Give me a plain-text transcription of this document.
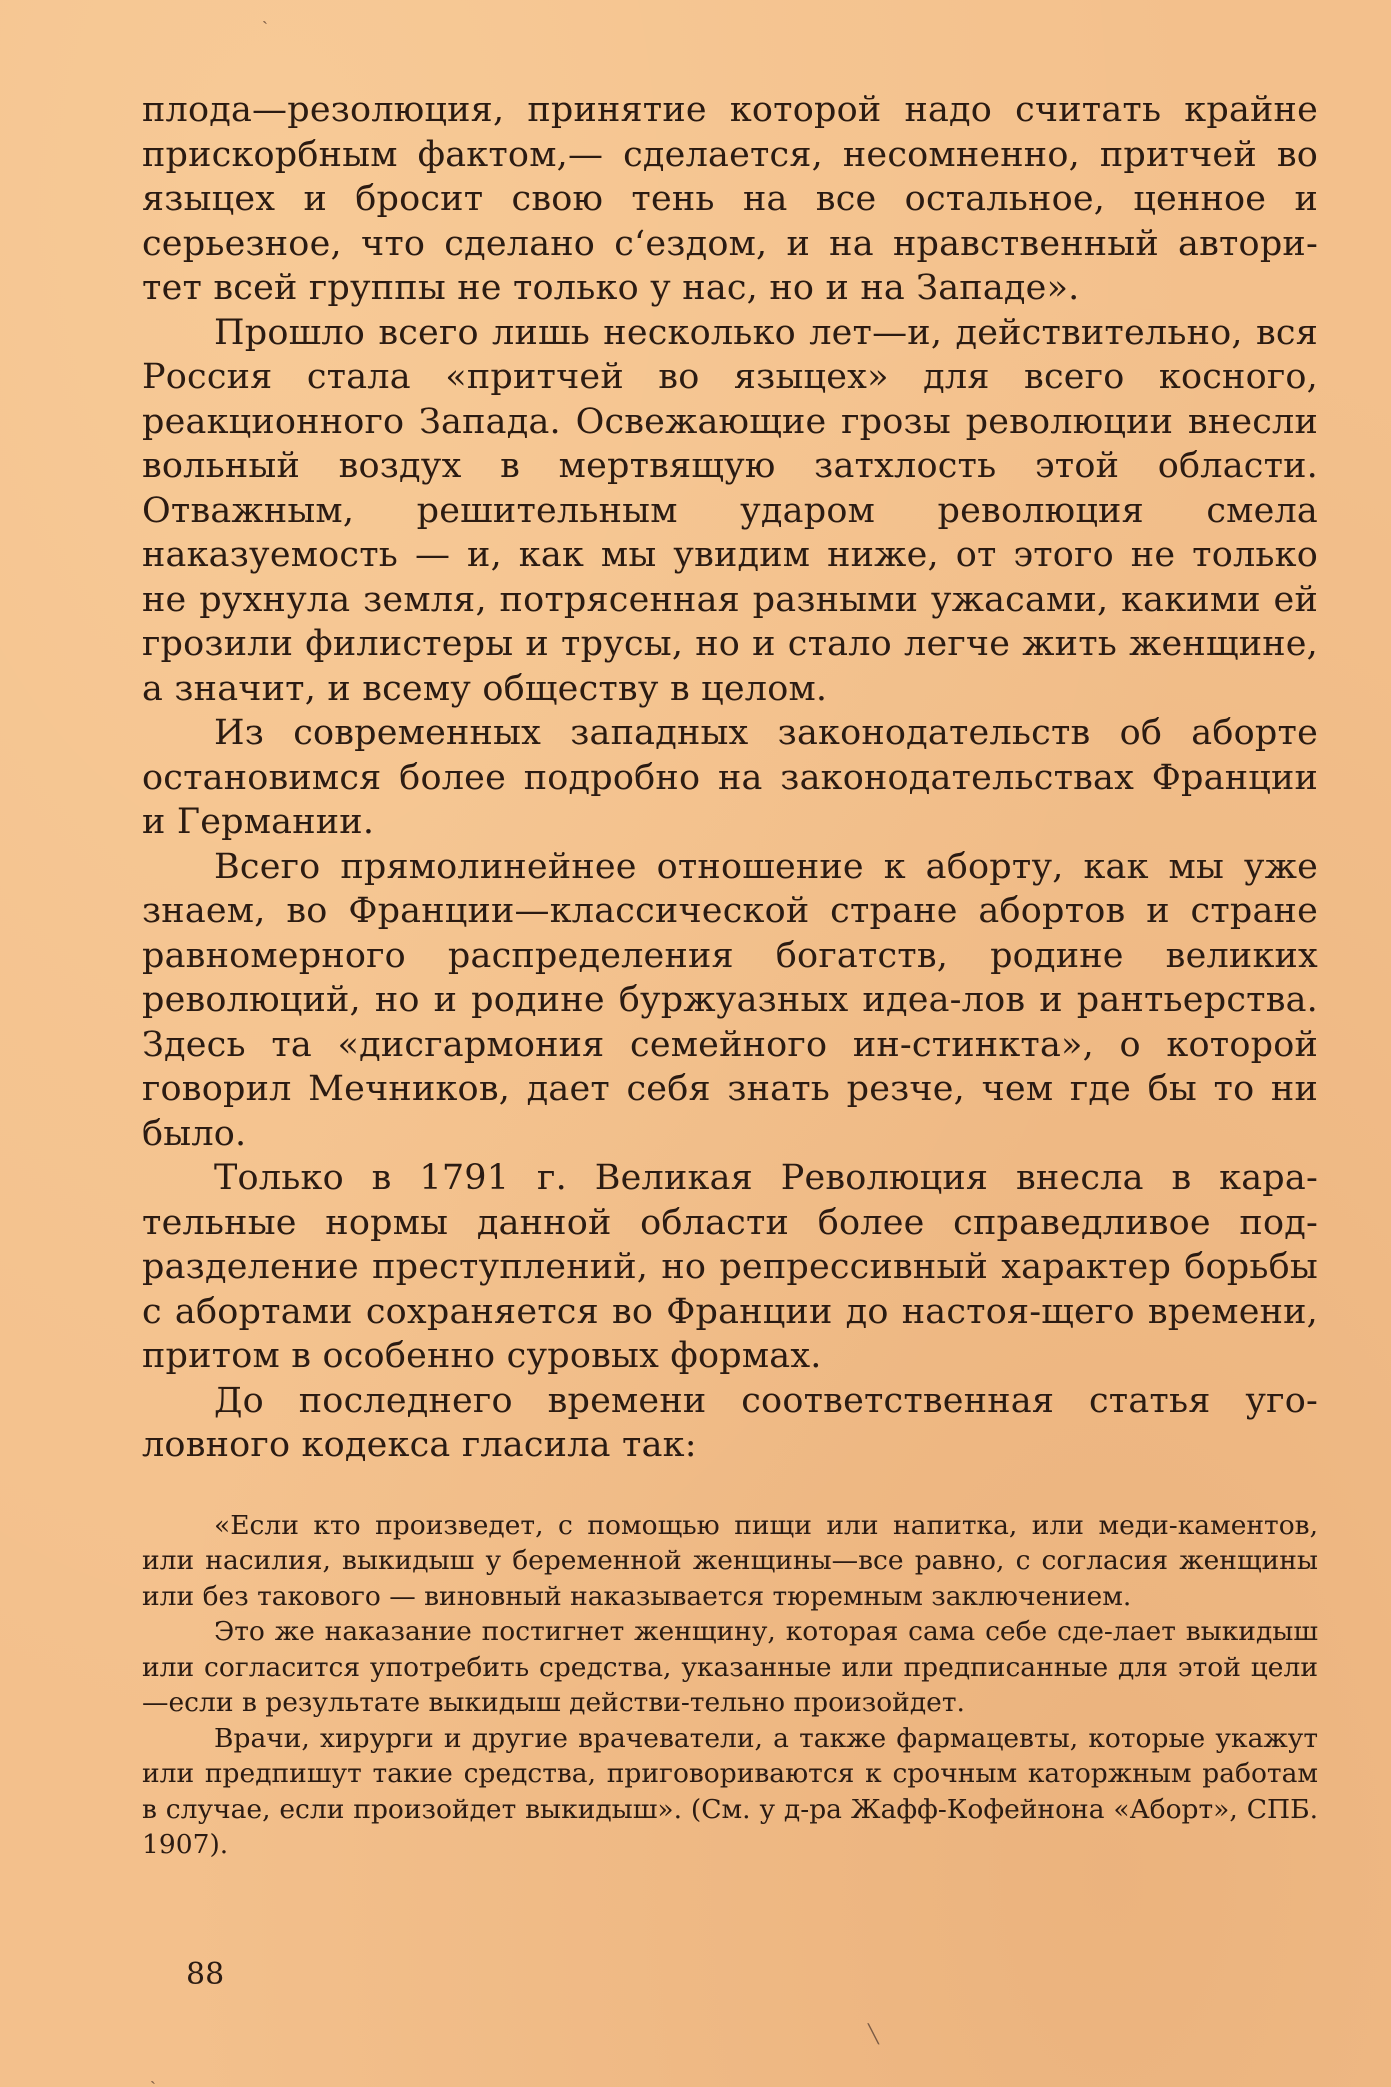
плода—резолюция, принятие которой надо считать крайне прискорбным фактом,— сделается, несомненно, притчей во языцех и бросит свою тень на все остальное, ценное и серьезное, что сделано с‘ездом, и на нравственный автори-тет всей группы не только у нас, но и на Западе».

Прошло всего лишь несколько лет—и, действительно, вся Россия стала «притчей во языцех» для всего косного, реакционного Запада. Освежающие грозы революции внесли вольный воздух в мертвящую затхлость этой области. Отважным, решительным ударом революция смела наказуемость — и, как мы увидим ниже, от этого не только не рухнула земля, потрясенная разными ужасами, какими ей грозили филистеры и трусы, но и стало легче жить женщине, а значит, и всему обществу в целом.

Из современных западных законодательств об аборте остановимся более подробно на законодательствах Франции и Германии.

Всего прямолинейнее отношение к аборту, как мы уже знаем, во Франции—классической стране абортов и стране равномерного распределения богатств, родине великих революций, но и родине буржуазных идеа-лов и рантьерства. Здесь та «дисгармония семейного ин-стинкта», о которой говорил Мечников, дает себя знать резче, чем где бы то ни было.

Только в 1791 г. Великая Революция внесла в кара-тельные нормы данной области более справедливое под-разделение преступлений, но репрессивный характер борьбы с абортами сохраняется во Франции до настоя-щего времени, притом в особенно суровых формах.

До последнего времени соответственная статья уго-ловного кодекса гласила так:

«Если кто произведет, с помощью пищи или напитка, или меди-каментов, или насилия, выкидыш у беременной женщины—все равно, с согласия женщины или без такового — виновный наказывается тюремным заключением.

Это же наказание постигнет женщину, которая сама себе сде-лает выкидыш или согласится употребить средства, указанные или предписанные для этой цели—если в результате выкидыш действи-тельно произойдет.

Врачи, хирурги и другие врачеватели, а также фармацевты, которые укажут или предпишут такие средства, приговориваются к срочным каторжным работам в случае, если произойдет выкидыш». (См. у д-ра Жафф-Кофейнона «Аборт», СПБ. 1907).

88
ˎ
ˏ
╲
